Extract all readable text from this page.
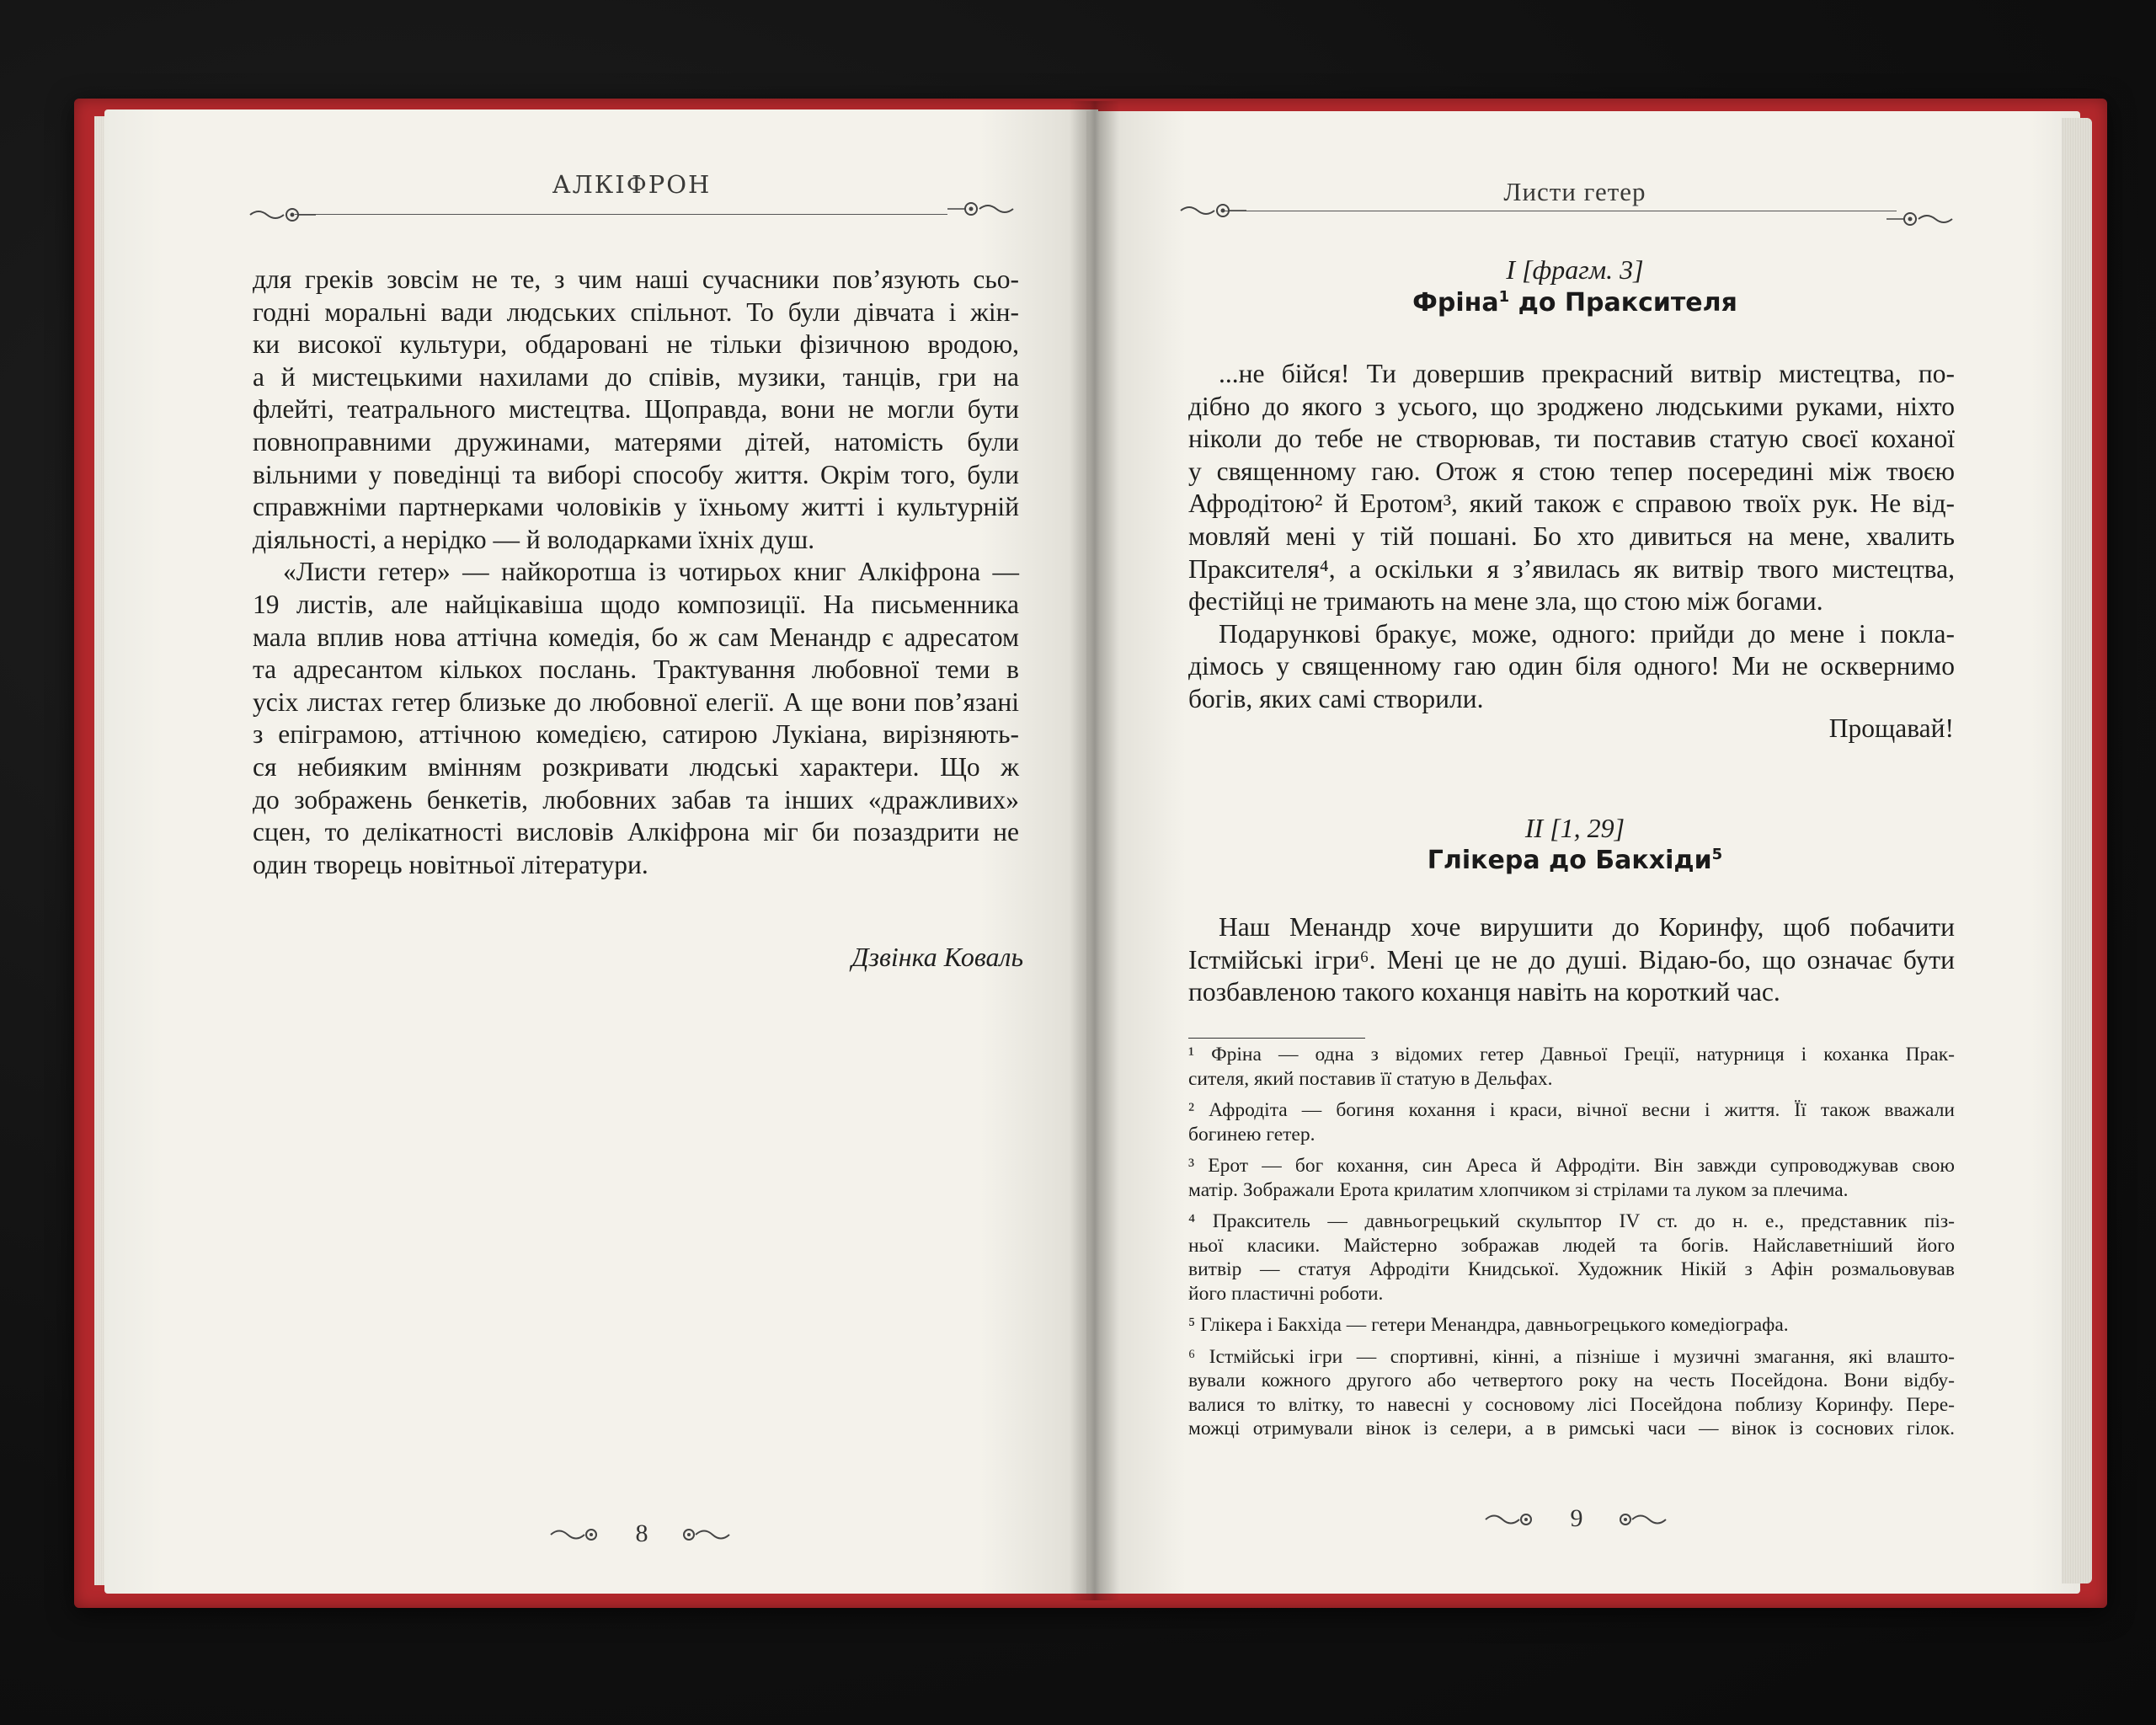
АЛКІФРОН

для греків зовсім не те, з чим наші сучасники пов’язують сьо-
годні моральні вади людських спільнот. То були дівчата і жін-
ки високої культури, обдаровані не тільки фізичною вродою,
а й мистецькими нахилами до співів, музики, танців, гри на
флейті, театрального мистецтва. Щоправда, вони не могли бути
повноправними дружинами, матерями дітей, натомість були
вільними у поведінці та виборі способу життя. Окрім того, були
справжніми партнерками чоловіків у їхньому житті і культурній
діяльності, а нерідко — й володарками їхніх душ.

«Листи гетер» — найкоротша із чотирьох книг Алкіфрона —
19 листів, але найцікавіша щодо композиції. На письменника
мала вплив нова аттічна комедія, бо ж сам Менандр є адресатом
та адресантом кількох послань. Трактування любовної теми в
усіх листах гетер близьке до любовної елегії. А ще вони пов’язані
з епіграмою, аттічною комедією, сатирою Лукіана, вирізняють-
ся небияким вмінням розкривати людські характери. Що ж
до зображень бенкетів, любовних забав та інших «дражливих»
сцен, то делікатності висловів Алкіфрона міг би позаздрити не
один творець новітньої літератури.

Дзвінка Коваль
8
Листи гетер
I [фрагм. 3]
Фріна$^1$ до Праксителя

...не бійся! Ти довершив прекрасний витвір мистецтва, по-
дібно до якого з усього, що зроджено людськими руками, ніхто
ніколи до тебе не створював, ти поставив статую своєї коханої
у священному гаю. Отож я стою тепер посередині між твоєю
Афродітою² й Еротом³, який також є справою твоїх рук. Не від-
мовляй мені у тій пошані. Бо хто дивиться на мене, хвалить
Праксителя⁴, а оскільки я з’явилась як витвір твого мистецтва,
фестійці не тримають на мене зла, що стою між богами.

Подарункові бракує, може, одного: прийди до мене і покла-
дімось у священному гаю один біля одного! Ми не осквернимо
богів, яких самі створили.

Прощавай!
II [1, 29]
Глікера до Бакхіди$^5$

Наш Менандр хоче вирушити до Коринфу, щоб побачити
Істмійські ігри⁶. Мені це не до душі. Відаю-бо, що означає бути
позбавленою такого коханця навіть на короткий час.

¹ Фріна — одна з відомих гетер Давньої Греції, натурниця і коханка Прак-
сителя, який поставив її статую в Дельфах.
² Афродіта — богиня кохання і краси, вічної весни і життя. Її також вважали
богинею гетер.
³ Ерот — бог кохання, син Ареса й Афродіти. Він завжди супроводжував свою
матір. Зображали Ерота крилатим хлопчиком зі стрілами та луком за плечима.
⁴ Пракситель — давньогрецький скульптор IV ст. до н. е., представник піз-
ньої класики. Майстерно зображав людей та богів. Найславетніший його
витвір — статуя Афродіти Книдської. Художник Нікій з Афін розмальовував
його пластичні роботи.
⁵ Глікера і Бакхіда — гетери Менандра, давньогрецького комедіографа.
⁶ Істмійські ігри — спортивні, кінні, а пізніше і музичні змагання, які влашто-
вували кожного другого або четвертого року на честь Посейдона. Вони відбу-
валися то влітку, то навесні у сосновому лісі Посейдона поблизу Коринфу. Пере-
можці отримували вінок із селери, а в римські часи — вінок із соснових гілок.
9
